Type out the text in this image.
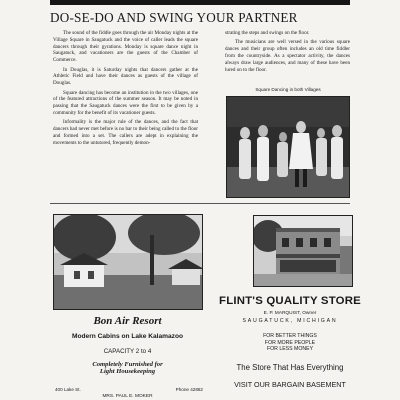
DO-SE-DO AND SWING YOUR PARTNER

The sound of the fiddle goes through the air Monday nights at the Village Square in Saugatuck and the voice of caller leads the square dancers through their gyrations. Monday is square dance night in Saugatuck, and vacationers are the guests of the Chamber of Commerce.

In Douglas, it is Saturday nights that dancers gather at the Athletic Field and have their dances as guests of the village of Douglas.

Square dancing has become an institution in the two villages, one of the featured attractions of the summer season. It may be noted in passing that the Saugatuck dances were the first to be given by a community for the benefit of its vacationer guests.

Informality is the major rule of the dances, and the fact that dancers had never met before is no bar to their being called to the floor and formed into a set. The callers are adept in explaining the movements to the untutored, frequently demon-

strating the steps and swings on the floor.

The musicians are well versed in the various square dances and their group often includes an old time fiddler from the countryside. As a spectator activity, the dances always draw large audiences, and many of these have been lured on to the floor.

Square Dancing in both Villages
Bon Air Resort
Modern Cabins on Lake Kalamazoo
CAPACITY 2 to 4
Completely Furnished for
Light Housekeeping
400 Lake St.	Phone 42882
MRS. PAUL E. MOKER
FLINT'S QUALITY STORE
E. P. MARQUIST, Owner
SAUGATUCK, MICHIGAN
FOR BETTER THINGS
FOR MORE PEOPLE
FOR LESS MONEY
The Store That Has Everything
VISIT OUR BARGAIN BASEMENT
